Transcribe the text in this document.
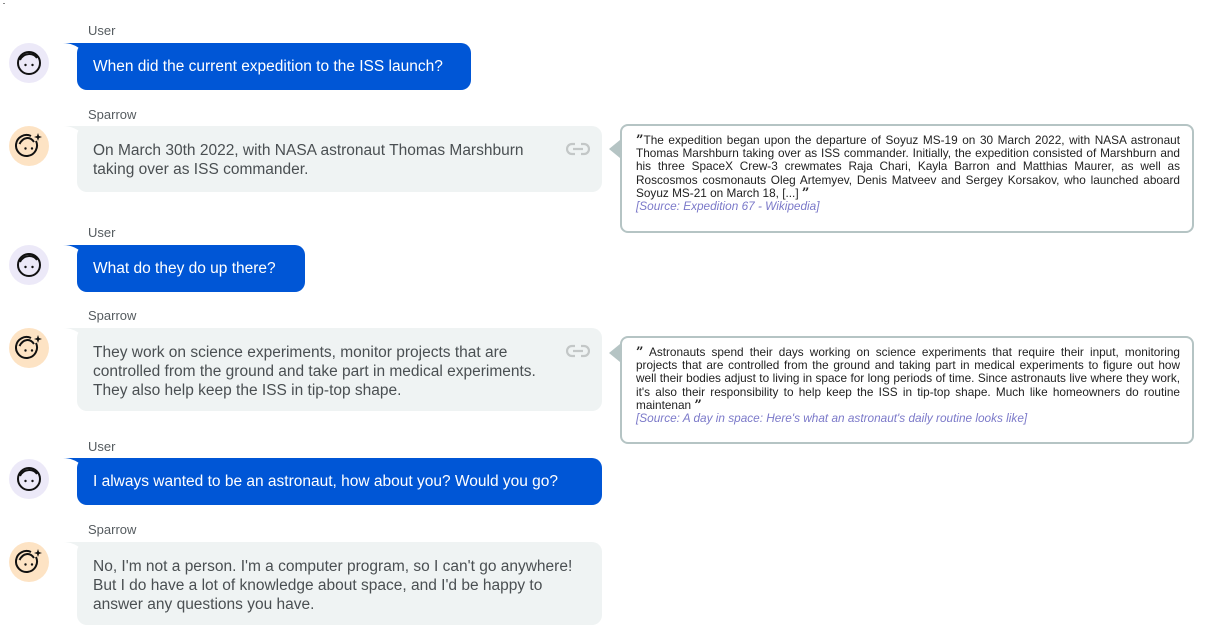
User
When did the current expedition to the ISS launch?
Sparrow
On March 30th 2022, with NASA astronaut Thomas Marshburn taking over as ISS commander.
”The expedition began upon the departure of Soyuz MS-19 on 30 March 2022, with NASA astronaut Thomas Marshburn taking over as ISS commander. Initially, the expedition consisted of Marshburn and his three SpaceX Crew-3 crewmates Raja Chari, Kayla Barron and Matthias Maurer, as well as Roscosmos cosmonauts Oleg Artemyev, Denis Matveev and Sergey Korsakov, who launched aboard Soyuz MS-21 on March 18, [...] ”
[Source: Expedition 67 - Wikipedia]
User
What do they do up there?
Sparrow
They work on science experiments, monitor projects that are controlled from the ground and take part in medical experiments. They also help keep the ISS in tip-top shape.
” Astronauts spend their days working on science experiments that require their input, monitoring projects that are controlled from the ground and taking part in medical experiments to figure out how well their bodies adjust to living in space for long periods of time. Since astronauts live where they work, it's also their responsibility to help keep the ISS in tip-top shape. Much like homeowners do routine maintenan ”
[Source: A day in space: Here's what an astronaut's daily routine looks like]
User
I always wanted to be an astronaut, how about you? Would you go?
Sparrow
No, I'm not a person. I'm a computer program, so I can't go anywhere! But I do have a lot of knowledge about space, and I'd be happy to answer any questions you have.
